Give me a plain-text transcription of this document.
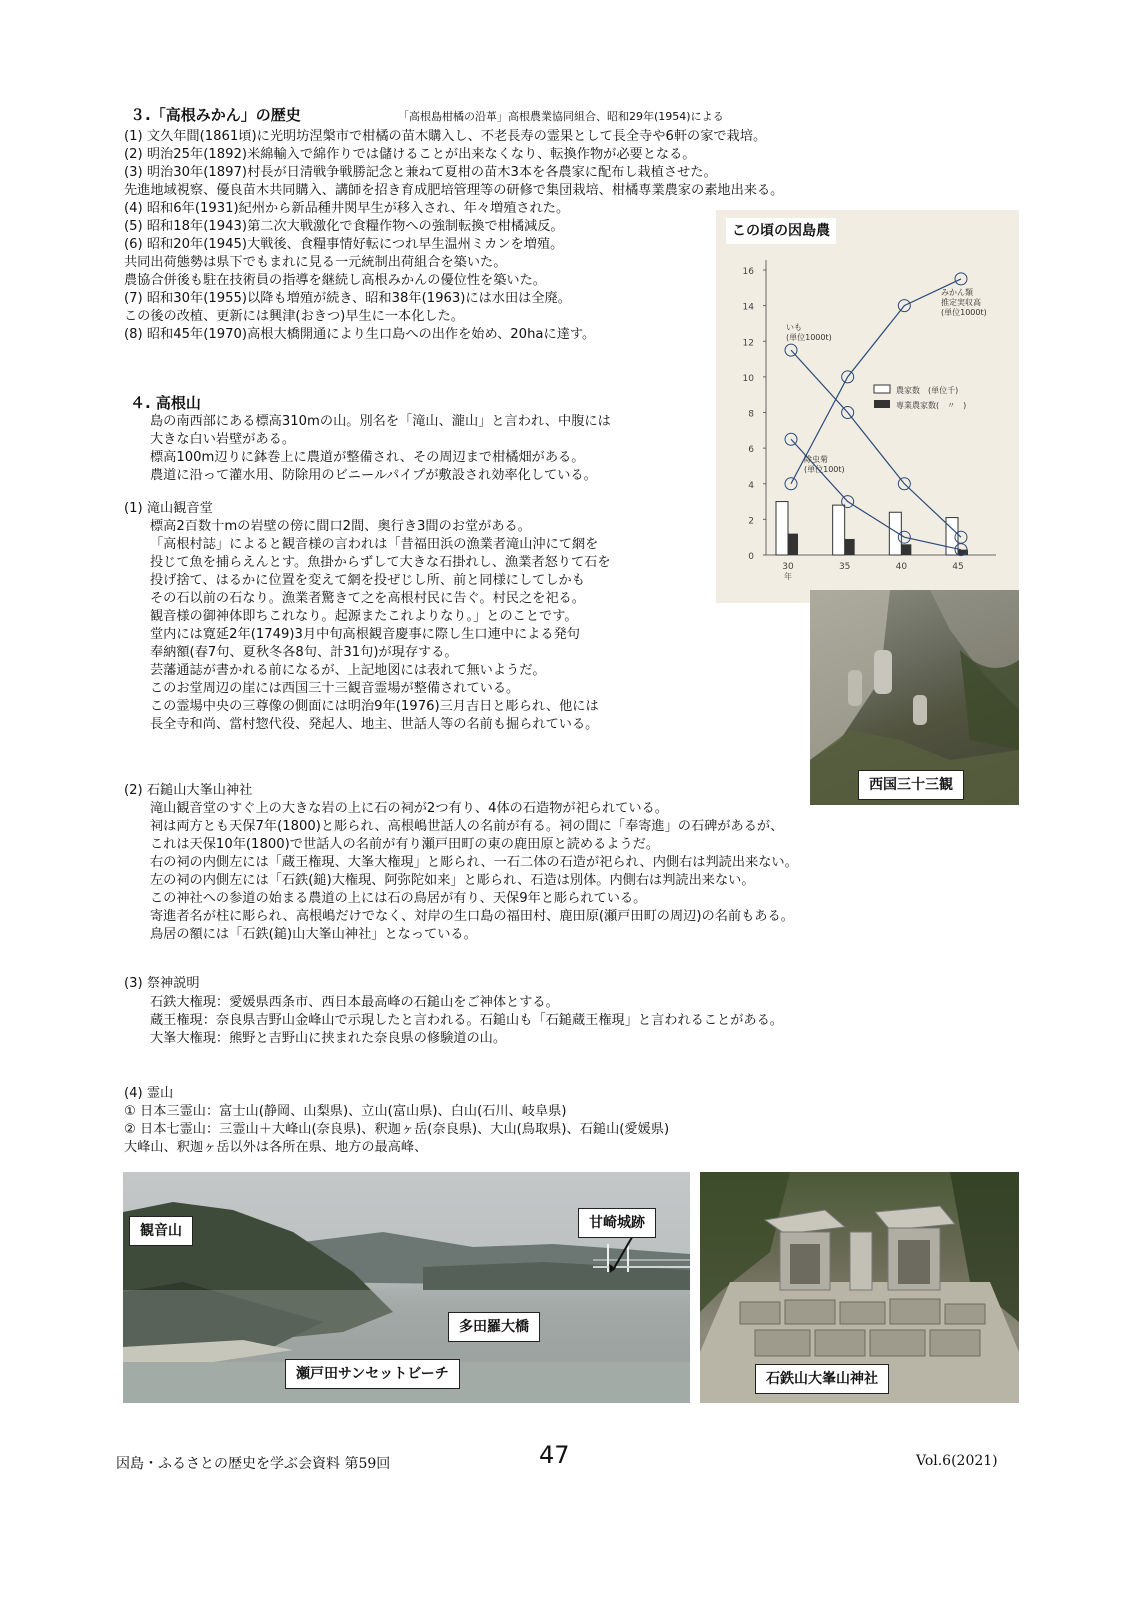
３.「高根みかん」の歴史	「高根島柑橘の沿革」高根農業協同組合、昭和29年(1954)による
(1) 文久年間(1861頃)に光明坊涅槃市で柑橘の苗木購入し、不老長寿の霊果として長全寺や6軒の家で栽培。
(2) 明治25年(1892)米綿輸入で綿作りでは儲けることが出来なくなり、転換作物が必要となる。
(3) 明治30年(1897)村長が日清戦争戦勝記念と兼ねて夏柑の苗木3本を各農家に配布し栽植させた。
先進地域視察、優良苗木共同購入、講師を招き育成肥培管理等の研修で集団栽培、柑橘専業農家の素地出来る。
(4) 昭和6年(1931)紀州から新品種井関早生が移入され、年々増殖された。
(5) 昭和18年(1943)第二次大戦激化で食糧作物への強制転換で柑橘減反。
(6) 昭和20年(1945)大戦後、食糧事情好転につれ早生温州ミカンを増殖。
共同出荷態勢は県下でもまれに見る一元統制出荷組合を築いた。
農協合併後も駐在技術員の指導を継続し高根みかんの優位性を築いた。
(7) 昭和30年(1955)以降も増殖が続き、昭和38年(1963)には水田は全廃。
この後の改植、更新には興津(おきつ)早生に一本化した。
(8) 昭和45年(1970)高根大橋開通により生口島への出作を始め、20haに達す。
この頃の因島農
16
14
12
10
8
6
4
2
0
30	35	40	45
年
みかん類
推定実収高
(単位1000t)
いも
(単位1000t)
除虫菊
(単位100t)
農家数　(単位千)
専業農家数(　〃　)
４. 高根山
島の南西部にある標高310mの山。別名を「滝山、瀧山」と言われ、中腹には
大きな白い岩壁がある。
標高100m辺りに鉢巻上に農道が整備され、その周辺まで柑橘畑がある。
農道に沿って灌水用、防除用のビニールパイプが敷設され効率化している。
(1) 滝山観音堂
標高2百数十mの岩壁の傍に間口2間、奥行き3間のお堂がある。
「高根村誌」によると観音様の言われは「昔福田浜の漁業者滝山沖にて網を
投じて魚を捕らえんとす。魚掛からずして大きな石掛れし、漁業者怒りて石を
投げ捨て、はるかに位置を変えて網を投ぜじし所、前と同様にしてしかも
その石以前の石なり。漁業者驚きて之を高根村民に告ぐ。村民之を祀る。
観音様の御神体即ちこれなり。起源またこれよりなり。」とのことです。
堂内には寛延2年(1749)3月中旬高根観音慶事に際し生口連中による発句
奉納額(春7句、夏秋冬各8句、計31句)が現存する。
芸藩通誌が書かれる前になるが、上記地図には表れて無いようだ。
このお堂周辺の崖には西国三十三観音霊場が整備されている。
この霊場中央の三尊像の側面には明治9年(1976)三月吉日と彫られ、他には
長全寺和尚、當村惣代役、発起人、地主、世話人等の名前も掘られている。
西国三十三観
(2) 石鎚山大峯山神社
滝山観音堂のすぐ上の大きな岩の上に石の祠が2つ有り、4体の石造物が祀られている。
祠は両方とも天保7年(1800)と彫られ、高根嶋世話人の名前が有る。祠の間に「奉寄進」の石碑があるが、
これは天保10年(1800)で世話人の名前が有り瀬戸田町の東の鹿田原と読めるようだ。
右の祠の内側左には「蔵王権現、大峯大権現」と彫られ、一石二体の石造が祀られ、内側右は判読出来ない。
左の祠の内側左には「石鉄(鎚)大権現、阿弥陀如来」と彫られ、石造は別体。内側右は判読出来ない。
この神社への参道の始まる農道の上には石の鳥居が有り、天保9年と彫られている。
寄進者名が柱に彫られ、高根嶋だけでなく、対岸の生口島の福田村、鹿田原(瀬戸田町の周辺)の名前もある。
鳥居の額には「石鉄(鎚)山大峯山神社」となっている。
(3) 祭神説明
石鉄大権現：愛媛県西条市、西日本最高峰の石鎚山をご神体とする。
蔵王権現：奈良県吉野山金峰山で示現したと言われる。石鎚山も「石鎚蔵王権現」と言われることがある。
大峯大権現：熊野と吉野山に挟まれた奈良県の修験道の山。
(4) 霊山
① 日本三霊山：富士山(静岡、山梨県)、立山(富山県)、白山(石川、岐阜県)
② 日本七霊山：三霊山＋大峰山(奈良県)、釈迦ヶ岳(奈良県)、大山(鳥取県)、石鎚山(愛媛県)
大峰山、釈迦ヶ岳以外は各所在県、地方の最高峰、
観音山	甘崎城跡
多田羅大橋
瀬戸田サンセットビーチ	石鉄山大峯山神社
因島・ふるさとの歴史を学ぶ会資料 第59回	47	Vol.6(2021)
